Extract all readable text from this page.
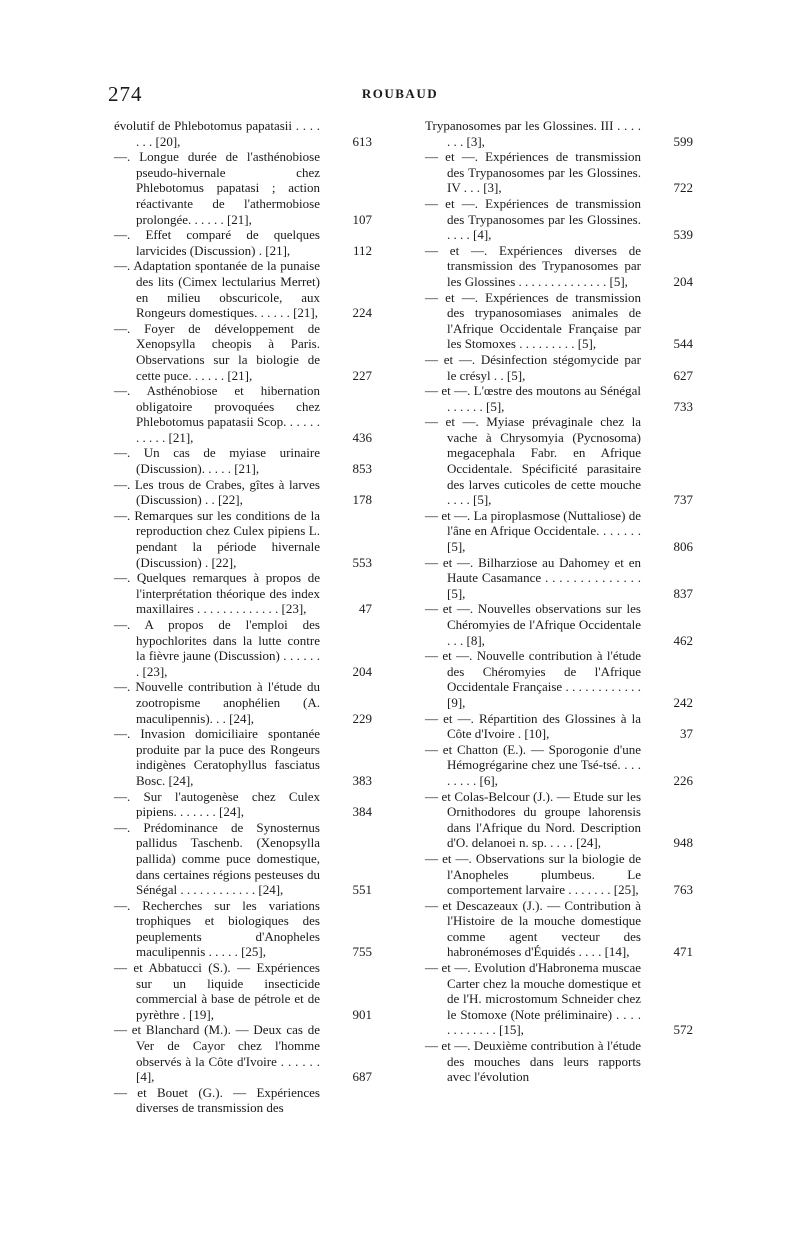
274	ROUBAUD
évolutif de Phlebotomus papatasii . . . . . . . [20],	613
—. Longue durée de l'asthénobiose pseudo-hivernale chez Phlebotomus papatasi ; action réactivante de l'athermobiose prolongée. . . . . . [21],	107
—. Effet comparé de quelques larvicides (Discussion) . [21],	112
—. Adaptation spontanée de la punaise des lits (Cimex lectularius Merret) en milieu obscuricole, aux Rongeurs domestiques. . . . . . [21],	224
—. Foyer de développement de Xenopsylla cheopis à Paris. Observations sur la biologie de cette puce. . . . . . [21],	227
—. Asthénobiose et hibernation obligatoire provoquées chez Phlebotomus papatasii Scop. . . . . . . . . . . [21],	436
—. Un cas de myiase urinaire (Discussion). . . . . [21],	853
—. Les trous de Crabes, gîtes à larves (Discussion) . . [22],	178
—. Remarques sur les conditions de la reproduction chez Culex pipiens L. pendant la période hivernale (Discussion) . [22],	553
—. Quelques remarques à propos de l'interprétation théorique des index maxillaires . . . . . . . . . . . . . [23],	47
—. A propos de l'emploi des hypochlorites dans la lutte contre la fièvre jaune (Discussion) . . . . . . . [23],	204
—. Nouvelle contribution à l'étude du zootropisme anophélien (A. maculipennis). . . [24],	229
—. Invasion domiciliaire spontanée produite par la puce des Rongeurs indigènes Ceratophyllus fasciatus Bosc. [24],	383
—. Sur l'autogenèse chez Culex pipiens. . . . . . . [24],	384
—. Prédominance de Synosternus pallidus Taschenb. (Xenopsylla pallida) comme puce domestique, dans certaines régions pesteuses du Sénégal . . . . . . . . . . . . [24],	551
—. Recherches sur les variations trophiques et biologiques des peuplements d'Anopheles maculipennis . . . . . [25],	755
— et Abbatucci (S.). — Expériences sur un liquide insecticide commercial à base de pétrole et de pyrèthre . [19],	901
— et Blanchard (M.). — Deux cas de Ver de Cayor chez l'homme observés à la Côte d'Ivoire . . . . . . [4],	687
— et Bouet (G.). — Expériences diverses de transmission des
Trypanosomes par les Glossines. III . . . . . . . [3],	599
— et —. Expériences de transmission des Trypanosomes par les Glossines. IV . . . [3],	722
— et —. Expériences de transmission des Trypanosomes par les Glossines. . . . . [4],	539
— et —. Expériences diverses de transmission des Trypanosomes par les Glossines . . . . . . . . . . . . . . [5],	204
— et —. Expériences de transmission des trypanosomiases animales de l'Afrique Occidentale Française par les Stomoxes . . . . . . . . . [5],	544
— et —. Désinfection stégomycide par le crésyl . . [5],	627
— et —. L'œstre des moutons au Sénégal . . . . . . [5],	733
— et —. Myiase prévaginale chez la vache à Chrysomyia (Pycnosoma) megacephala Fabr. en Afrique Occidentale. Spécificité parasitaire des larves cuticoles de cette mouche . . . . [5],	737
— et —. La piroplasmose (Nuttaliose) de l'âne en Afrique Occidentale. . . . . . . [5],	806
— et —. Bilharziose au Dahomey et en Haute Casamance . . . . . . . . . . . . . . [5],	837
— et —. Nouvelles observations sur les Chéromyies de l'Afrique Occidentale . . . [8],	462
— et —. Nouvelle contribution à l'étude des Chéromyies de l'Afrique Occidentale Française . . . . . . . . . . . . [9],	242
— et —. Répartition des Glossines à la Côte d'Ivoire . [10],	37
— et Chatton (E.). — Sporogonie d'une Hémogrégarine chez une Tsé-tsé. . . . . . . . . [6],	226
— et Colas-Belcour (J.). — Etude sur les Ornithodores du groupe lahorensis dans l'Afrique du Nord. Description d'O. delanoei n. sp. . . . . [24],	948
— et —. Observations sur la biologie de l'Anopheles plumbeus. Le comportement larvaire . . . . . . . [25],	763
— et Descazeaux (J.). — Contribution à l'Histoire de la mouche domestique comme agent vecteur des habronémoses d'Équidés . . . . [14],	471
— et —. Evolution d'Habronema muscae Carter chez la mouche domestique et de l'H. microstomum Schneider chez le Stomoxe (Note préliminaire) . . . . . . . . . . . . [15],	572
— et —. Deuxième contribution à l'étude des mouches dans leurs rapports avec l'évolution
